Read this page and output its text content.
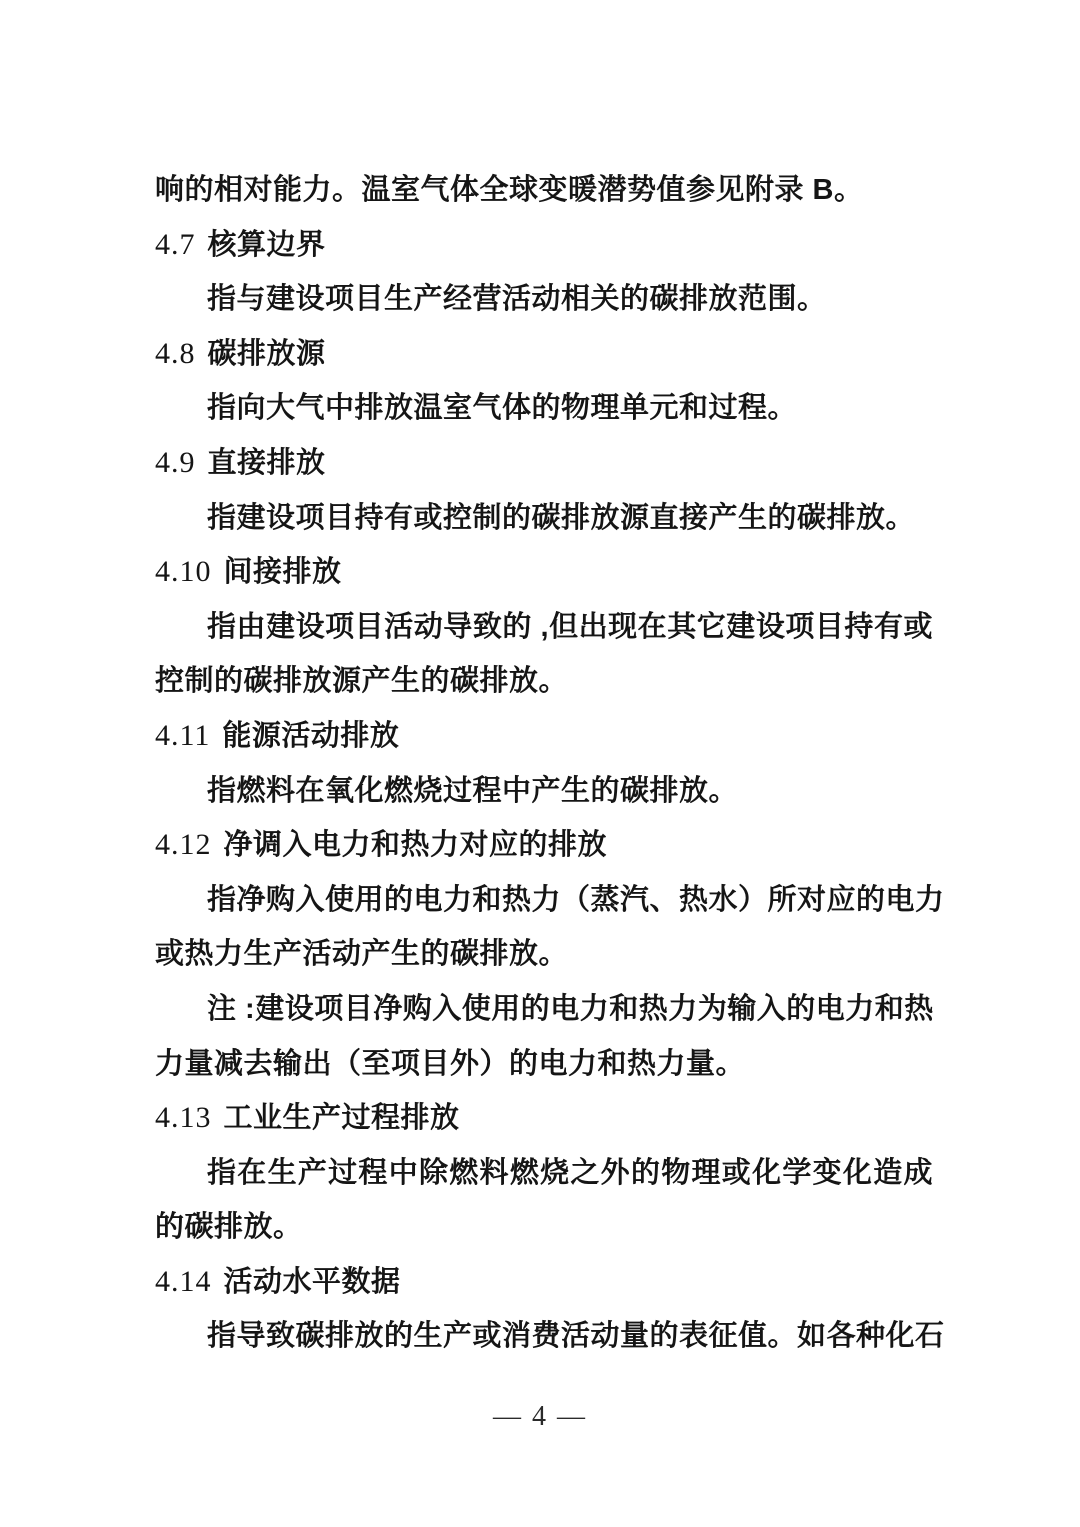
响的相对能力。温室气体全球变暖潜势值参见附录 B。
4.7 核算边界
指与建设项目生产经营活动相关的碳排放范围。
4.8 碳排放源
指向大气中排放温室气体的物理单元和过程。
4.9 直接排放
指建设项目持有或控制的碳排放源直接产生的碳排放。
4.10 间接排放
指由建设项目活动导致的 ,但出现在其它建设项目持有或
控制的碳排放源产生的碳排放。
4.11 能源活动排放
指燃料在氧化燃烧过程中产生的碳排放。
4.12 净调入电力和热力对应的排放
指净购入使用的电力和热力（蒸汽、热水）所对应的电力
或热力生产活动产生的碳排放。
注 :建设项目净购入使用的电力和热力为输入的电力和热
力量减去输出（至项目外）的电力和热力量。
4.13 工业生产过程排放
指在生产过程中除燃料燃烧之外的物理或化学变化造成
的碳排放。
4.14 活动水平数据
指导致碳排放的生产或消费活动量的表征值。如各种化石
— 4 —
